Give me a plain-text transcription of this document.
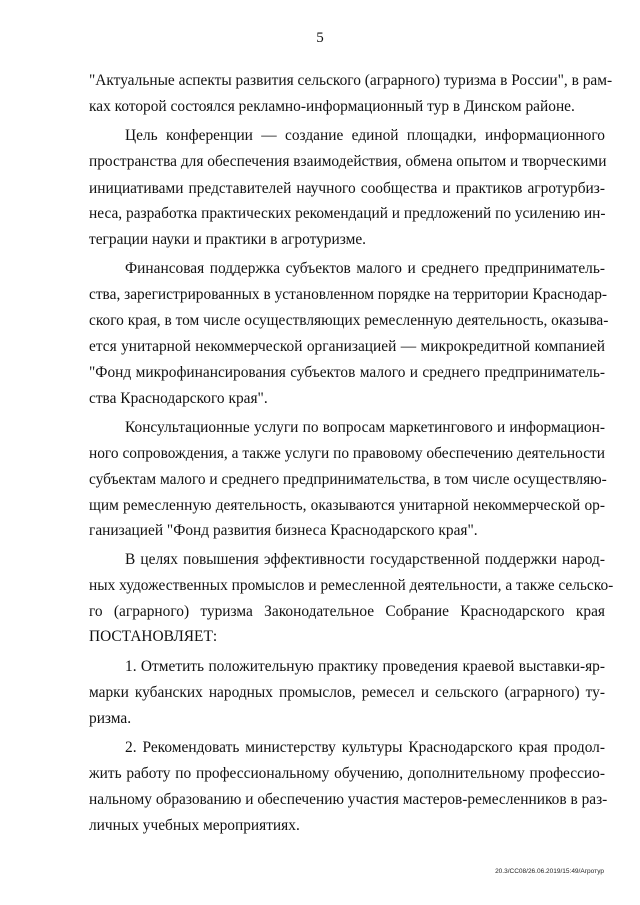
5
"Актуальные аспекты развития сельского (аграрного) туризма в России", в рам-
ках которой состоялся рекламно-информационный тур в Динском районе.
Цель конференции — создание единой площадки, информационного
пространства для обеспечения взаимодействия, обмена опытом и творческими
инициативами представителей научного сообщества и практиков агротурбиз-
неса, разработка практических рекомендаций и предложений по усилению ин-
теграции науки и практики в агротуризме.
Финансовая поддержка субъектов малого и среднего предприниматель-
ства, зарегистрированных в установленном порядке на территории Краснодар-
ского края, в том числе осуществляющих ремесленную деятельность, оказыва-
ется унитарной некоммерческой организацией — микрокредитной компанией
"Фонд микрофинансирования субъектов малого и среднего предприниматель-
ства Краснодарского края".
Консультационные услуги по вопросам маркетингового и информацион-
ного сопровождения, а также услуги по правовому обеспечению деятельности
субъектам малого и среднего предпринимательства, в том числе осуществляю-
щим ремесленную деятельность, оказываются унитарной некоммерческой ор-
ганизацией "Фонд развития бизнеса Краснодарского края".
В целях повышения эффективности государственной поддержки народ-
ных художественных промыслов и ремесленной деятельности, а также сельско-
го (аграрного) туризма Законодательное Собрание Краснодарского края
ПОСТАНОВЛЯЕТ:
1. Отметить положительную практику проведения краевой выставки-яр-
марки кубанских народных промыслов, ремесел и сельского (аграрного) ту-
ризма.
2. Рекомендовать министерству культуры Краснодарского края продол-
жить работу по профессиональному обучению, дополнительному профессио-
нальному образованию и обеспечению участия мастеров-ремесленников в раз-
личных учебных мероприятиях.
20.3/СС08/26.06.2019/15:49/Агротур
